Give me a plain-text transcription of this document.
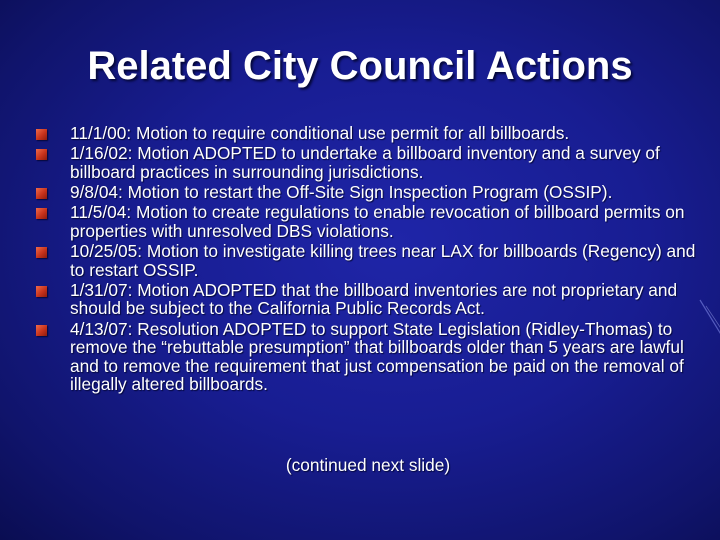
Related City Council Actions
11/1/00: Motion to require conditional use permit for all billboards.
1/16/02: Motion ADOPTED to undertake a billboard inventory and a survey of billboard practices in surrounding jurisdictions.
9/8/04: Motion to restart the Off-Site Sign Inspection Program (OSSIP).
11/5/04: Motion to create regulations to enable revocation of billboard permits on properties with unresolved DBS violations.
10/25/05: Motion to investigate killing trees near LAX for billboards (Regency) and to restart OSSIP.
1/31/07: Motion ADOPTED that the billboard inventories are not proprietary and should be subject to the California Public Records Act.
4/13/07: Resolution ADOPTED to support State Legislation (Ridley-Thomas) to remove the “rebuttable presumption” that billboards older than 5 years are lawful and to remove the requirement that just compensation be paid on the removal of illegally altered billboards.
(continued next slide)
